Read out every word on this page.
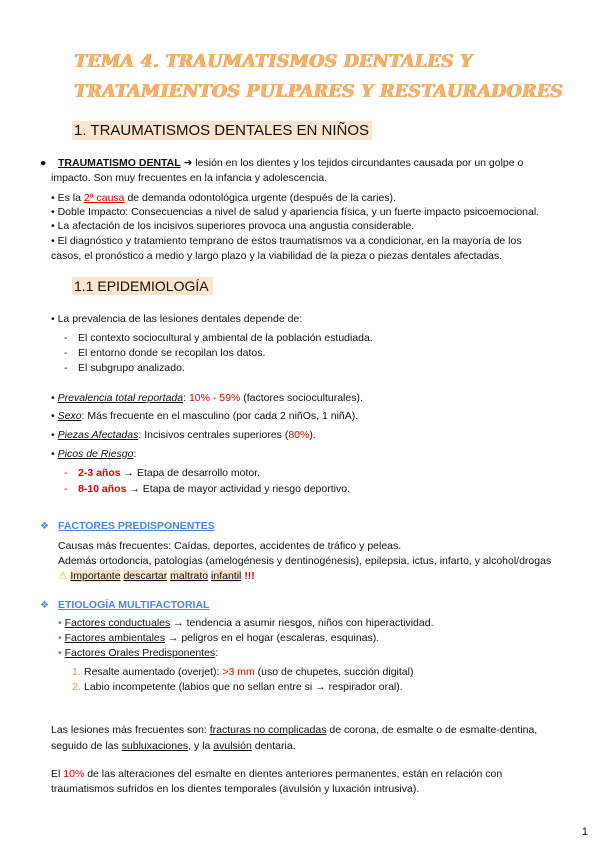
TEMA 4. TRAUMATISMOS DENTALES Y
TRATAMIENTOS PULPARES Y RESTAURADORES
1. TRAUMATISMOS DENTALES EN NIÑOS
● TRAUMATISMO DENTAL ➜ lesión en los dientes y los tejidos circundantes causada por un golpe o
impacto. Son muy frecuentes en la infancia y adolescencia.
• Es la 2ª causa de demanda odontológica urgente (después de la caries).
• Doble Impacto: Consecuencias a nivel de salud y apariencia física, y un fuerte impacto psicoemocional.
• La afectación de los incisivos superiores provoca una angustia considerable.
• El diagnóstico y tratamiento temprano de estos traumatismos va a condicionar, en la mayoría de los
casos, el pronóstico a medio y largo plazo y la viabilidad de la pieza o piezas dentales afectadas.
1.1 EPIDEMIOLOGÍA
• La prevalencia de las lesiones dentales depende de:
- El contexto sociocultural y ambiental de la población estudiada.
- El entorno donde se recopilan los datos.
- El subgrupo analizado.
• Prevalencia total reportada: 10% - 59% (factores socioculturales).
• Sexo: Más frecuente en el masculino (por cada 2 niñOs, 1 niñA).
• Piezas Afectadas: Incisivos centrales superiores (80%).
• Picos de Riesgo:
- 2-3 años → Etapa de desarrollo motor.
- 8-10 años → Etapa de mayor actividad y riesgo deportivo.
❖ FACTORES PREDISPONENTES
Causas más frecuentes: Caídas, deportes, accidentes de tráfico y peleas.
Además ortodoncia, patologías (amelogénesis y dentinogénesis), epilepsia, ictus, infarto, y alcohol/drogas
⚠ Importante descartar maltrato infantil !!!
❖ ETIOLOGÍA MULTIFACTORIAL
• Factores conductuales → tendencia a asumir riesgos, niños con hiperactividad.
• Factores ambientales → peligros en el hogar (escaleras, esquinas).
• Factores Orales Predisponentes:
1. Resalte aumentado (overjet): >3 mm (uso de chupetes, succión digital)
2. Labio incompetente (labios que no sellan entre si → respirador oral).
Las lesiones más frecuentes son: fracturas no complicadas de corona, de esmalte o de esmalte-dentina,
seguido de las subluxaciones, y la avulsión dentaria.
El 10% de las alteraciones del esmalte en dientes anteriores permanentes, están en relación con
traumatismos sufridos en los dientes temporales (avulsión y luxación intrusiva).
1
